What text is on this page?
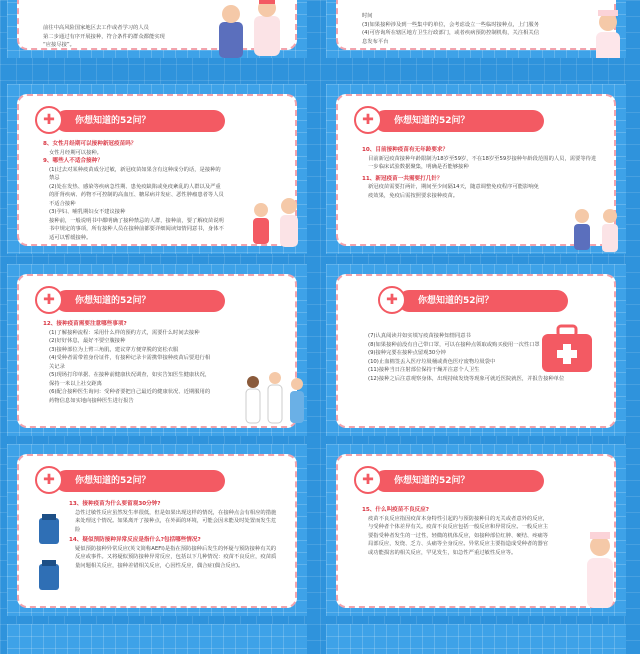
前往中高风险国家地区去工作或者学习的人员

第二步通过有序开展接种，符合条件的群众都能实现

“应接尽接”。

时间

(3)如果接种涉及到一些集中的单位，会考虑设立一些临时接种点，上门服务

(4)可咨询所在辖区地方卫生行政部门，或者疾病预防控制机构，关注相关信息发布平台

你想知道的52问？
✚

8、女性月经期可以接种新冠疫苗吗？

女性月经期可以接种。

9、哪些人不适合接种？

(1)过去对某种疫苗成分过敏，新冠疫苗如果含有这种成分的话，是接种的禁忌

(2)处在发热、感染等疾病急性期、患免疫缺陷或免疫紊乱的人群以及严重的肝肾疾病、药物不可控制的高血压、糖尿病并发症、恶性肿瘤患者等人员不适合接种

(3)孕妇、哺乳期妇女不建议接种

接种前，一般说明书中都明确了接种禁忌的人群，接种前，要了解疫苗说明书中规定的事项，所有接种人员在接种前都要详细阅读知情同意书，身体不适可以暂缓接种。

你想知道的52问？
✚

10、目前接种疫苗有无年龄要求？

目前新冠疫苗接种年龄限制为18岁至59岁，不在18岁至59岁接种年龄段范围的人员，需要等待进一步临床试验数据聚集，明确是否能够接种

11、新冠疫苗一共需要打几针？

新冠疫苗需要打两针，期间至少间隔14天，随意调整免疫程序可能影响免疫效果，免疫后需按照要求接种疫苗。

你想知道的52问？
✚

12、接种疫苗需要注意哪些事项?

(1)了解接种流程：采用什么样的预约方式，需要什么时间去接种

(2)好好休息，最好不要空腹接种

(3)接种部位为上臂三角肌，建议穿方便穿脱的宽松衣服

(4)受种者需带着身份证件，有接种记录卡需携带接种疫苗后要进行相关记录

(5)现场打印单据、在接种前健康状况调查，如实告知医生健康状况，保持一米以上社交距离

(6)配合接种医生询问：受种者要把自己最近的健康状况、近期服用的药物信息如实地向接种医生进行报告

你想知道的52问？
✚

(7)认真阅读并如实填写疫苗接种知情同意书

(8)如果接种前没有自己带口罩，可以在接种点领取或购买使用一次性口罩

(9)接种完要在接种点留观30分钟

(10)止血棉签丢入医疗垃圾桶或黄色医疗废物垃圾袋中

(11)接种当日注射部位保持干燥并注意个人卫生

(12)接种之后注意观察身体，出现持续发烧等现象可就近医院就医，并报告接种单位

你想知道的52问？
✚

13、接种疫苗为什么要留观30分钟?

急性过敏性反应虽然发生率很低，但是如果出现这样的情况，在接种点会有相应的措施来处理这个情况。如果离开了接种点，在外面的环境，可能会因未能及时处置而发生危险

14、疑似预防接种异常反应是指什么?包括哪些情况?

疑似预防接种异常反应(英文简称AEFI)是指在预防接种后发生的怀疑与预防接种有关的反应或事件。又将疑似预防接种异常反应，包括以下几种情况：疫苗不良反应，疫苗质量问题相关反应，接种差错相关反应，心因性反应，偶合症(偶合反应)。

你想知道的52问？
✚

15、什么叫疫苗不良反应?

疫苗不良反应指因疫苗本身特性引起的与预防接种目的无关或者意外的反应，与受种者个体差异有关。疫苗不良反应包括一般反应和异常反应。一般反应主要指受种者发生的一过性，轻微的机体反应，如接种部位红肿、硬结、疼痛等局部反应，发烧、乏力、头痛等全身反应。异常反应主要指造成受种者的器官或功能损害的相关反应，罕见发生，如急性严重过敏性反应等。
